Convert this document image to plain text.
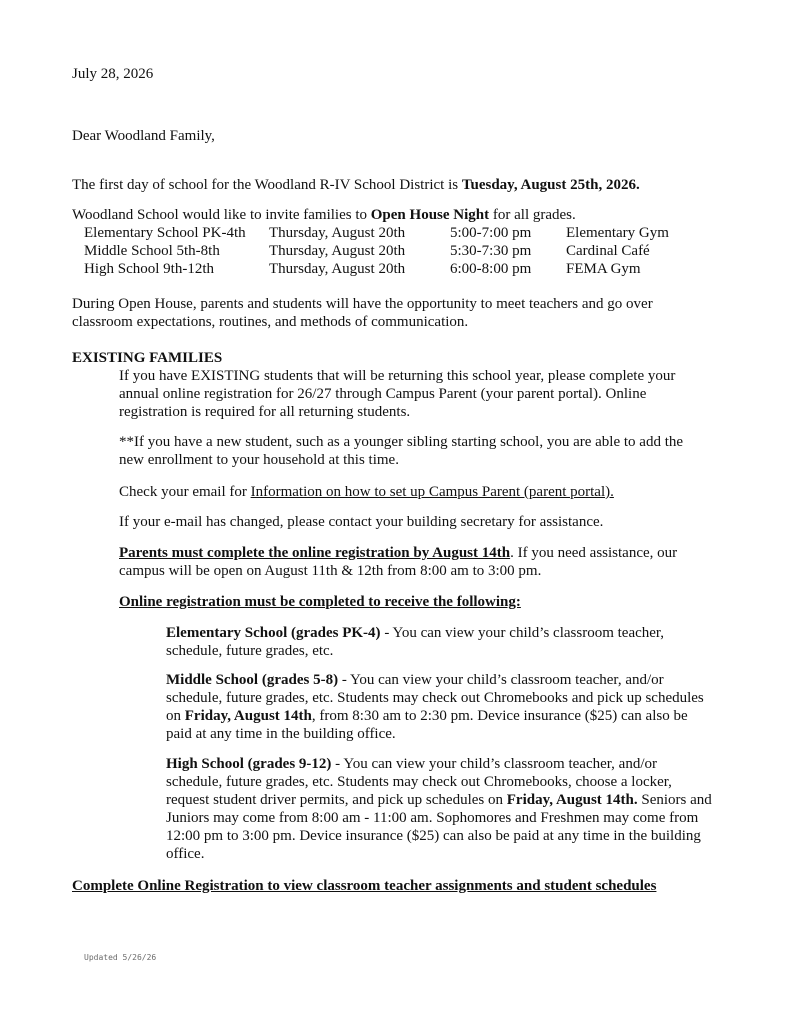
July 28, 2026

Dear Woodland Family,

The first day of school for the Woodland R-IV School District is Tuesday, August 25th, 2026.

Woodland School would like to invite families to Open House Night for all grades.

Elementary School PK-4th Thursday, August 20th	5:00-7:00 pm Elementary Gym
Middle School 5th-8th	Thursday, August 20th	5:30-7:30 pm Cardinal Café
High School 9th-12th	Thursday, August 20th	6:00-8:00 pm FEMA Gym

During Open House, parents and students will have the opportunity to meet teachers and go over classroom expectations, routines, and methods of communication.

EXISTING FAMILIES

If you have EXISTING students that will be returning this school year, please complete your annual online registration for 26/27 through Campus Parent (your parent portal). Online registration is required for all returning students.

**If you have a new student, such as a younger sibling starting school, you are able to add the new enrollment to your household at this time.

Check your email for Information on how to set up Campus Parent (parent portal).

If your e-mail has changed, please contact your building secretary for assistance.

Parents must complete the online registration by August 14th. If you need assistance, our campus will be open on August 11th & 12th from 8:00 am to 3:00 pm.

Online registration must be completed to receive the following:

Elementary School (grades PK-4) - You can view your child’s classroom teacher, schedule, future grades, etc.

Middle School (grades 5-8) - You can view your child’s classroom teacher, and/or schedule, future grades, etc. Students may check out Chromebooks and pick up schedules on Friday, August 14th, from 8:30 am to 2:30 pm. Device insurance ($25) can also be paid at any time in the building office.

High School (grades 9-12) - You can view your child’s classroom teacher, and/or schedule, future grades, etc. Students may check out Chromebooks, choose a locker, request student driver permits, and pick up schedules on Friday, August 14th. Seniors and Juniors may come from 8:00 am - 11:00 am. Sophomores and Freshmen may come from 12:00 pm to 3:00 pm. Device insurance ($25) can also be paid at any time in the building office.

Complete Online Registration to view classroom teacher assignments and student schedules

Updated 5/26/26
